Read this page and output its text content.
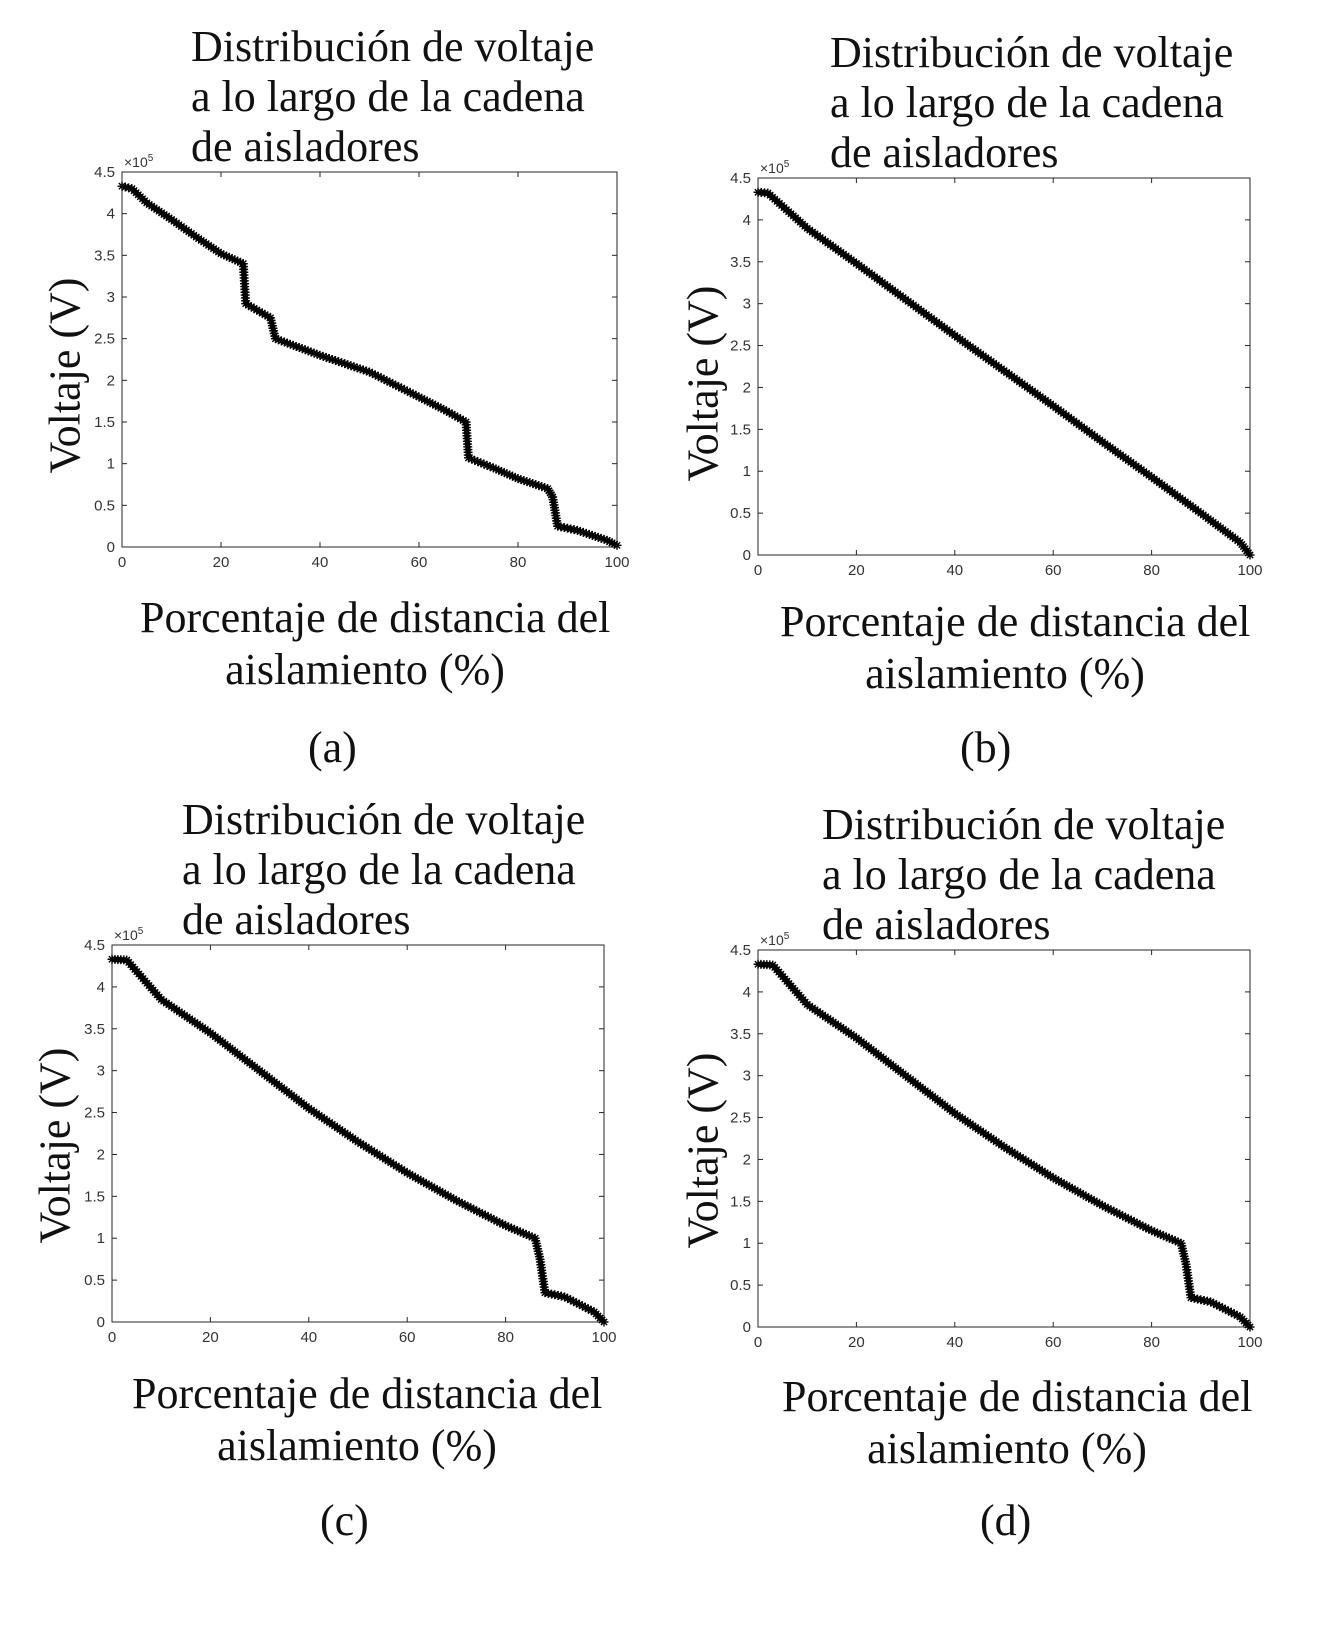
Distribución de voltaje
a lo largo de la cadena
de aisladores
Voltaje (V)
0	20	40	60	80	100
0
0.5
1
1.5
2
2.5
3
3.5
4
4.5
$\times 10^5$
Porcentaje de distancia del
aislamiento (%)
(a)
Distribución de voltaje
a lo largo de la cadena
de aisladores
Voltaje (V)
0	20	40	60	80	100
0
0.5
1
1.5
2
2.5
3
3.5
4
4.5
$\times 10^5$
Porcentaje de distancia del
aislamiento (%)
(b)
Distribución de voltaje
a lo largo de la cadena
de aisladores
Voltaje (V)
0	20	40	60	80	100
0
0.5
1
1.5
2
2.5
3
3.5
4
4.5
$\times 10^5$
Porcentaje de distancia del
aislamiento (%)
(c)
Distribución de voltaje
a lo largo de la cadena
de aisladores
Voltaje (V)
0	20	40	60	80	100
0
0.5
1
1.5
2
2.5
3
3.5
4
4.5
$\times 10^5$
Porcentaje de distancia del
aislamiento (%)
(d)
